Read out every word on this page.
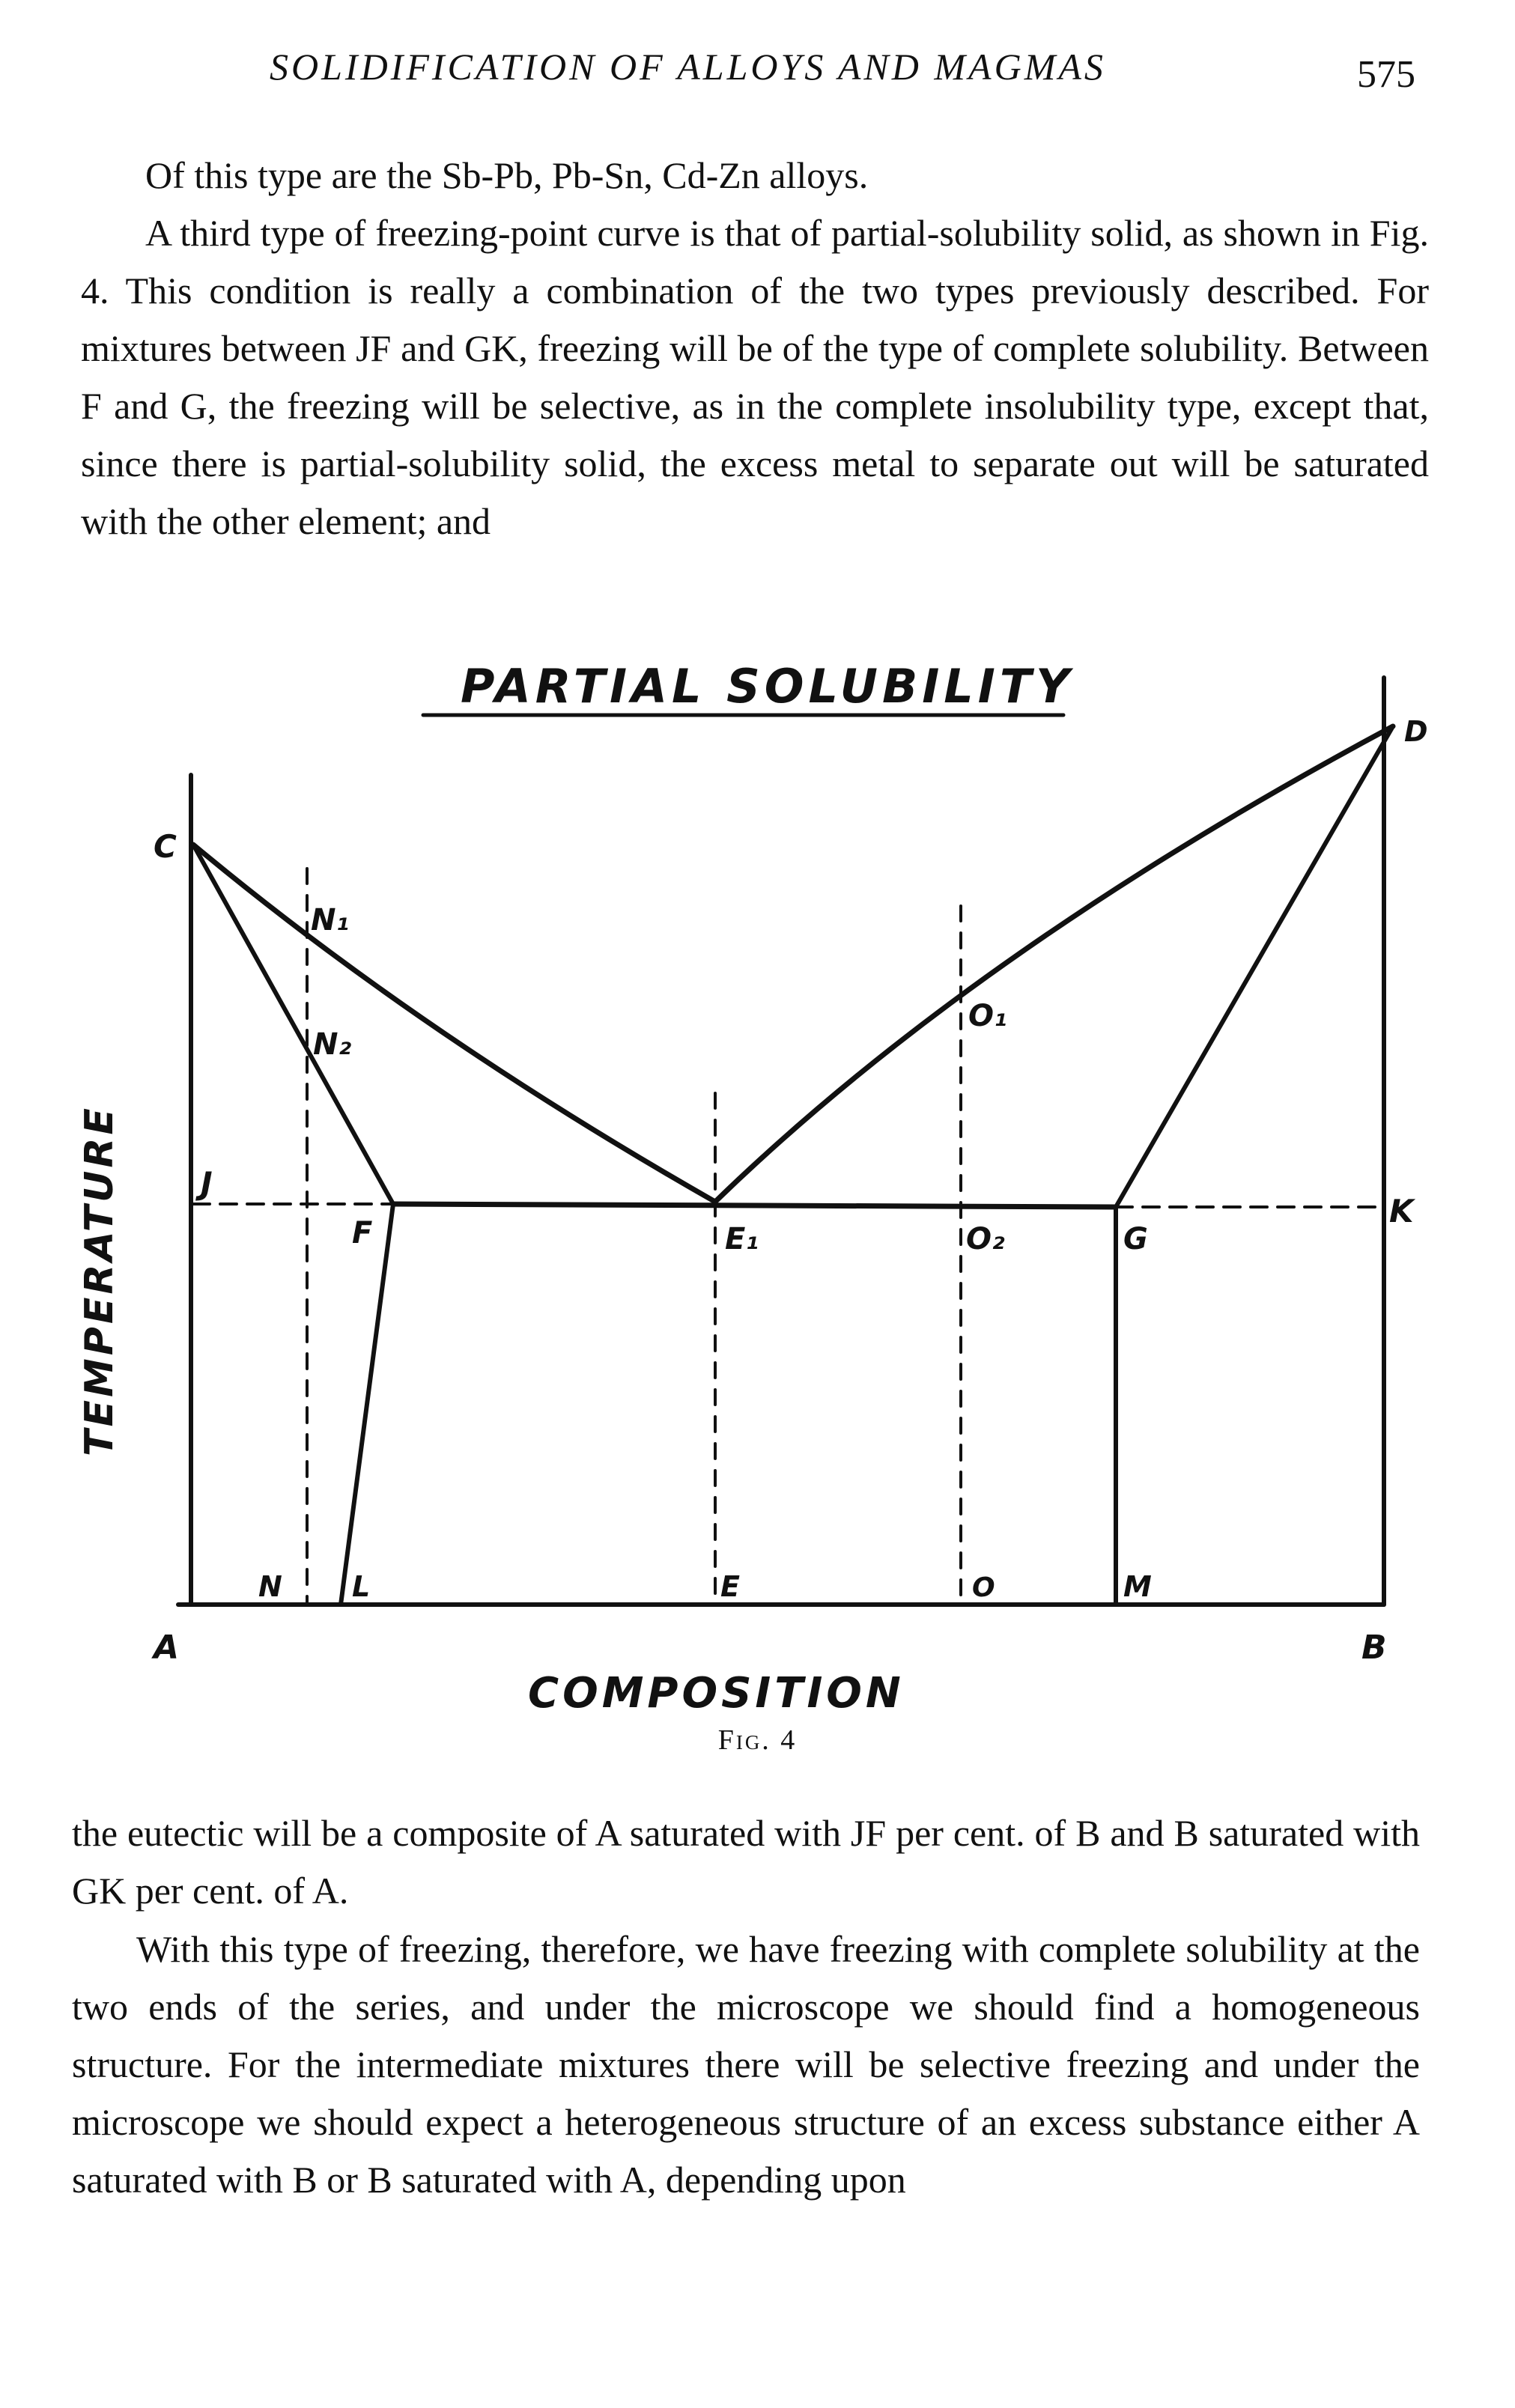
SOLIDIFICATION OF ALLOYS AND MAGMAS	575

Of this type are the Sb-Pb, Pb-Sn, Cd-Zn alloys.

A third type of freezing-point curve is that of partial-solubility solid, as shown in Fig. 4. This condition is really a combination of the two types previously described. For mixtures between JF and GK, freezing will be of the type of complete solubility. Between F and G, the freezing will be selective, as in the complete insolubility type, except that, since there is partial-solubility solid, the excess metal to separate out will be saturated with the other element; and

PARTIAL SOLUBILITY
TEMPERATURE
COMPOSITION
C
D
N₁
N₂
O₁
J
K
F	E₁	O₂	G
N L	E	O	M
A	B
Fig. 4

the eutectic will be a composite of A saturated with JF per cent. of B and B saturated with GK per cent. of A.

With this type of freezing, therefore, we have freezing with complete solubility at the two ends of the series, and under the microscope we should find a homogeneous structure. For the intermediate mixtures there will be selective freezing and under the microscope we should expect a heterogeneous structure of an excess substance either A saturated with B or B saturated with A, depending upon
